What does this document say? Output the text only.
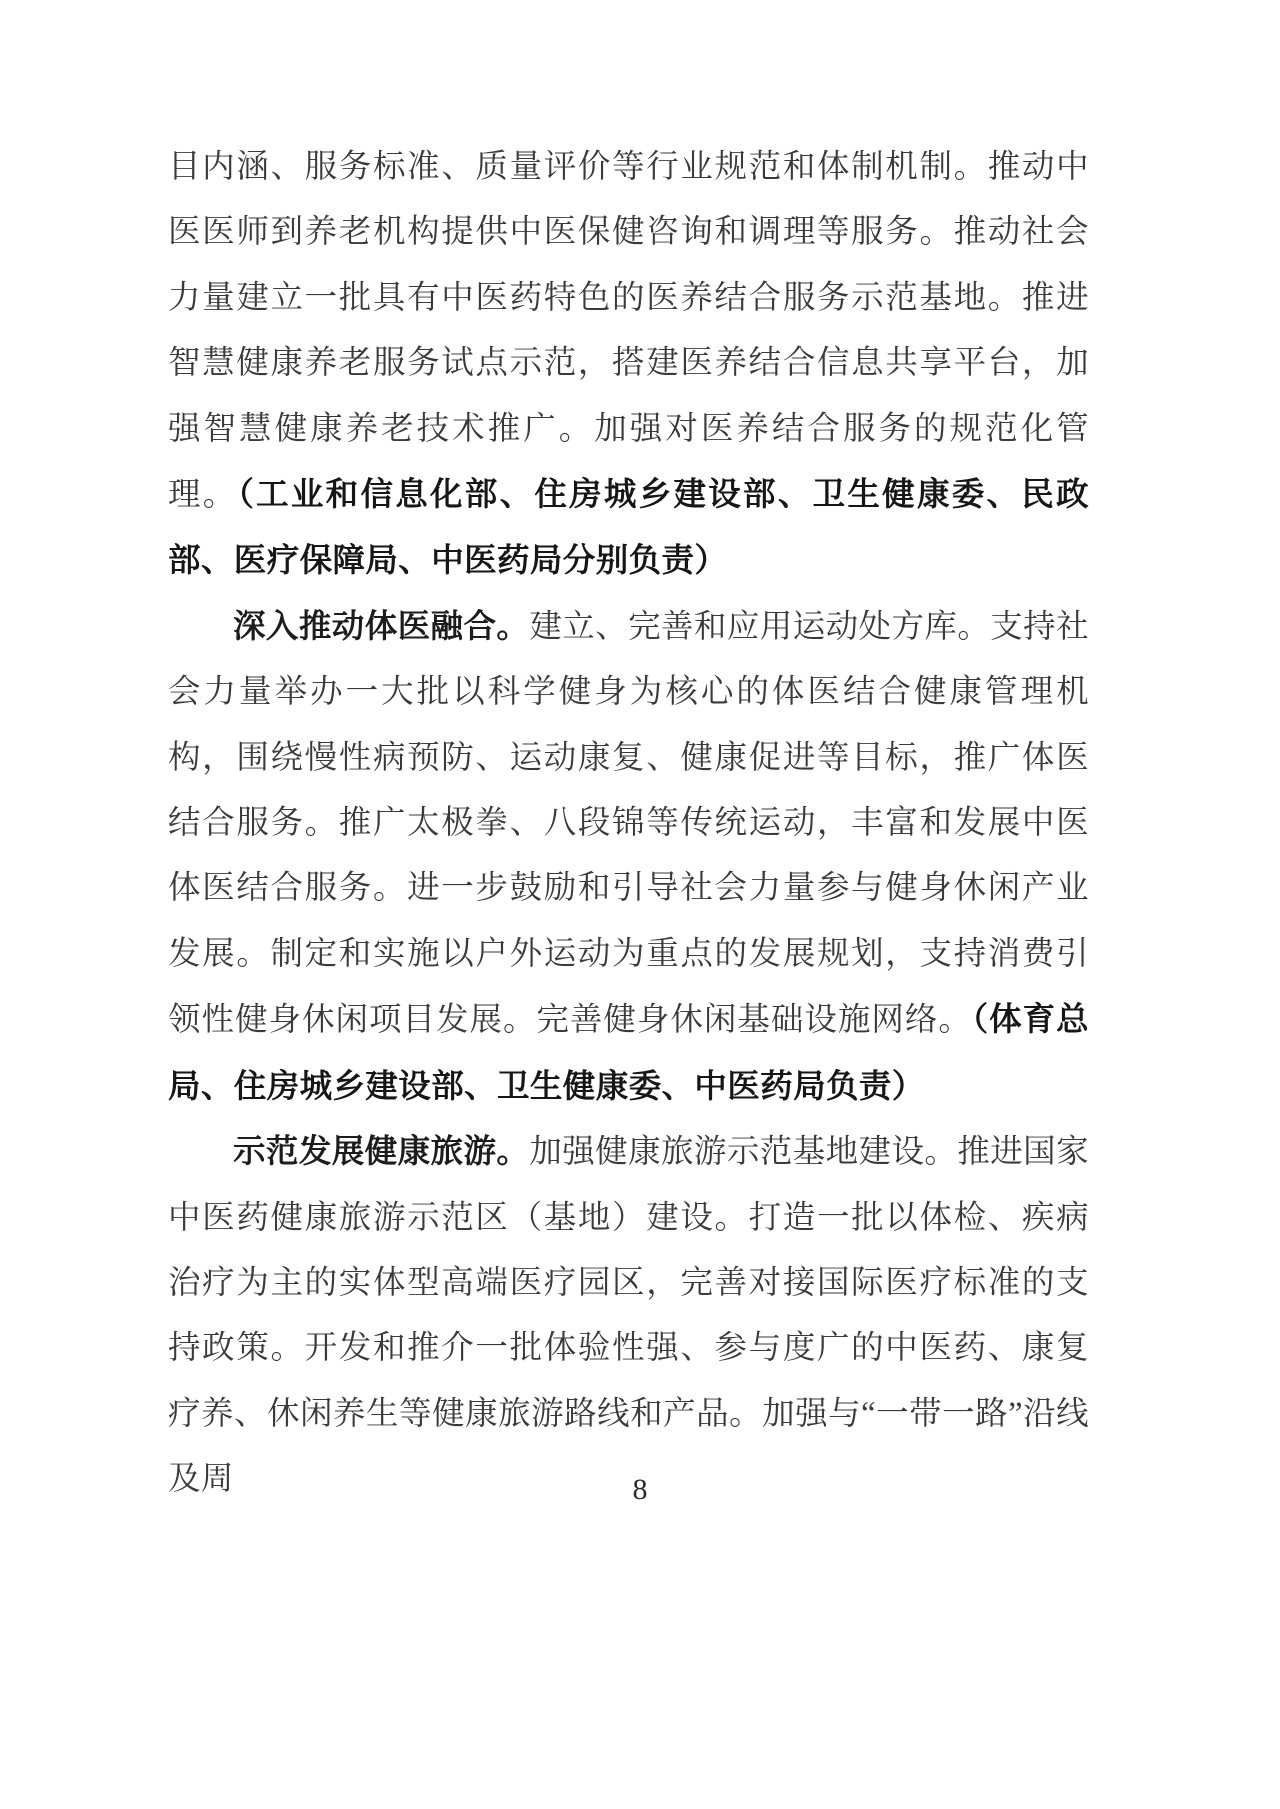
目内涵、服务标准、质量评价等行业规范和体制机制。推动中医医师到养老机构提供中医保健咨询和调理等服务。推动社会力量建立一批具有中医药特色的医养结合服务示范基地。推进智慧健康养老服务试点示范，搭建医养结合信息共享平台，加强智慧健康养老技术推广。加强对医养结合服务的规范化管理。（工业和信息化部、住房城乡建设部、卫生健康委、民政部、医疗保障局、中医药局分别负责）

深入推动体医融合。建立、完善和应用运动处方库。支持社会力量举办一大批以科学健身为核心的体医结合健康管理机构，围绕慢性病预防、运动康复、健康促进等目标，推广体医结合服务。推广太极拳、八段锦等传统运动，丰富和发展中医体医结合服务。进一步鼓励和引导社会力量参与健身休闲产业发展。制定和实施以户外运动为重点的发展规划，支持消费引领性健身休闲项目发展。完善健身休闲基础设施网络。（体育总局、住房城乡建设部、卫生健康委、中医药局负责）

示范发展健康旅游。加强健康旅游示范基地建设。推进国家中医药健康旅游示范区（基地）建设。打造一批以体检、疾病治疗为主的实体型高端医疗园区，完善对接国际医疗标准的支持政策。开发和推介一批体验性强、参与度广的中医药、康复疗养、休闲养生等健康旅游路线和产品。加强与“一带一路”沿线及周	8
